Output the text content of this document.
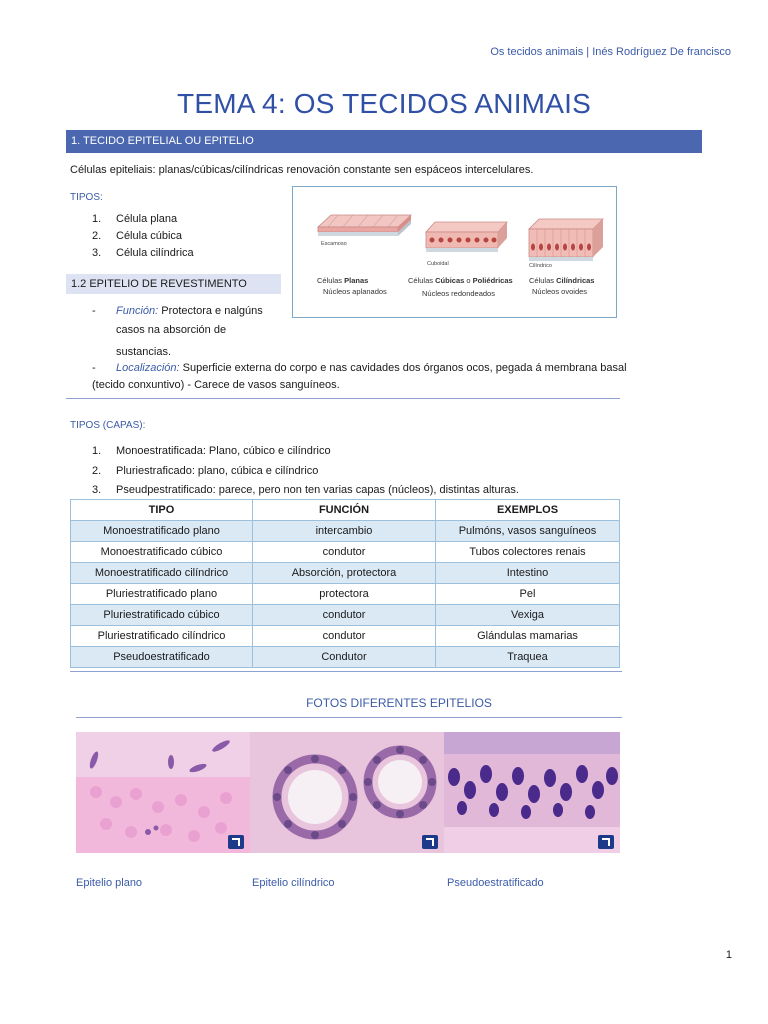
Os tecidos animais | Inés Rodríguez De francisco
TEMA 4: OS TECIDOS ANIMAIS
1. TECIDO EPITELIAL OU EPITELIO
Células epiteliais: planas/cúbicas/cilíndricas renovación constante sen espáceos intercelulares.
TIPOS:
1. Célula plana
2. Célula cúbica
3. Célula cilíndrica
Escamoso
Cuboidal	Cilíndrico
Células Planas
Núcleos aplanados
Células Cúbicas o Poliédricas
Núcleos redondeados
Células Cilíndricas
Núcleos ovoides
1.2 EPITELIO DE REVESTIMENTO
- Función: Protectora e nalgúns
casos na absorción de
sustancias.
- Localización: Superficie externa do corpo e nas cavidades dos órganos ocos, pegada á membrana basal
(tecido conxuntivo) - Carece de vasos sanguíneos.
TIPOS (CAPAS):
1. Monoestratificada: Plano, cúbico e cilíndrico
2. Pluriestraficado: plano, cúbica e cilíndrico
3. Pseudpestratificado: parece, pero non ten varias capas (núcleos), distintas alturas.
TIPO	FUNCIÓN	EXEMPLOS
Monoestratificado plano	intercambio	Pulmóns, vasos sanguíneos
Monoestratificado cúbico	condutor	Tubos colectores renais
Monoestratificado cilíndrico	Absorción, protectora	Intestino
Pluriestratificado plano	protectora	Pel
Pluriestratificado cúbico	condutor	Vexiga
Pluriestratificado cilíndrico	condutor	Glándulas mamarias
Pseudoestratificado	Condutor	Traquea
FOTOS DIFERENTES EPITELIOS
Epitelio plano	Epitelio cilíndrico	Pseudoestratificado
1
